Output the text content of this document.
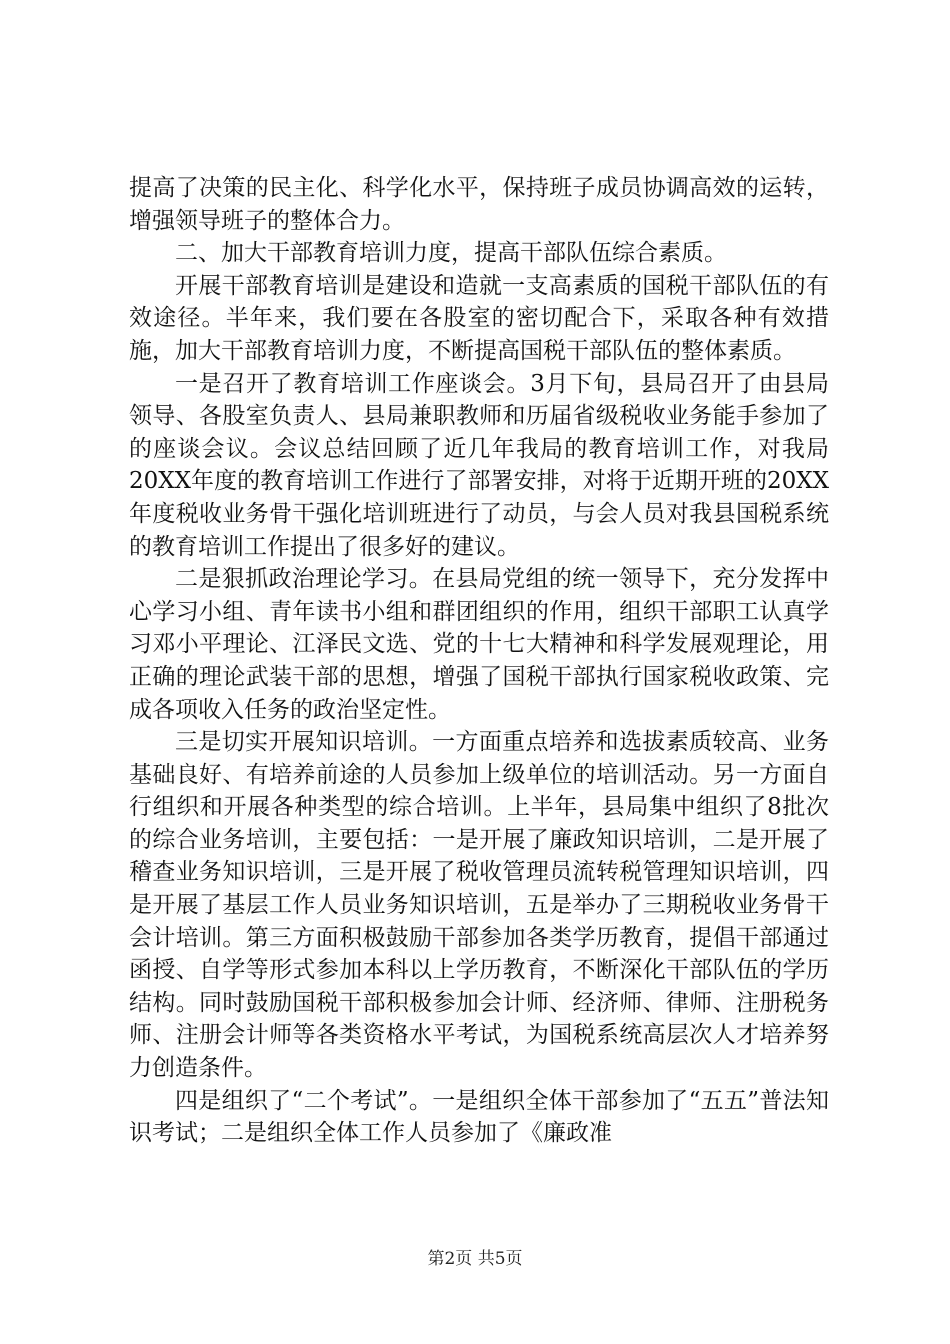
提高了决策的民主化、科学化水平，保持班子成员协调高效的运转，增强领导班子的整体合力。

二、加大干部教育培训力度，提高干部队伍综合素质。

开展干部教育培训是建设和造就一支高素质的国税干部队伍的有效途径。半年来，我们要在各股室的密切配合下，采取各种有效措施，加大干部教育培训力度，不断提高国税干部队伍的整体素质。

一是召开了教育培训工作座谈会。3月下旬，县局召开了由县局领导、各股室负责人、县局兼职教师和历届省级税收业务能手参加了的座谈会议。会议总结回顾了近几年我局的教育培训工作，对我局20XX年度的教育培训工作进行了部署安排，对将于近期开班的20XX年度税收业务骨干强化培训班进行了动员，与会人员对我县国税系统的教育培训工作提出了很多好的建议。

二是狠抓政治理论学习。在县局党组的统一领导下，充分发挥中心学习小组、青年读书小组和群团组织的作用，组织干部职工认真学习邓小平理论、江泽民文选、党的十七大精神和科学发展观理论，用正确的理论武装干部的思想，增强了国税干部执行国家税收政策、完成各项收入任务的政治坚定性。

三是切实开展知识培训。一方面重点培养和选拔素质较高、业务基础良好、有培养前途的人员参加上级单位的培训活动。另一方面自行组织和开展各种类型的综合培训。上半年，县局集中组织了8批次的综合业务培训，主要包括：一是开展了廉政知识培训，二是开展了稽查业务知识培训，三是开展了税收管理员流转税管理知识培训，四是开展了基层工作人员业务知识培训，五是举办了三期税收业务骨干会计培训。第三方面积极鼓励干部参加各类学历教育，提倡干部通过函授、自学等形式参加本科以上学历教育，不断深化干部队伍的学历结构。同时鼓励国税干部积极参加会计师、经济师、律师、注册税务师、注册会计师等各类资格水平考试，为国税系统高层次人才培养努力创造条件。

四是组织了“二个考试”。一是组织全体干部参加了“五五”普法知识考试；二是组织全体工作人员参加了《廉政准

第2页 共5页
